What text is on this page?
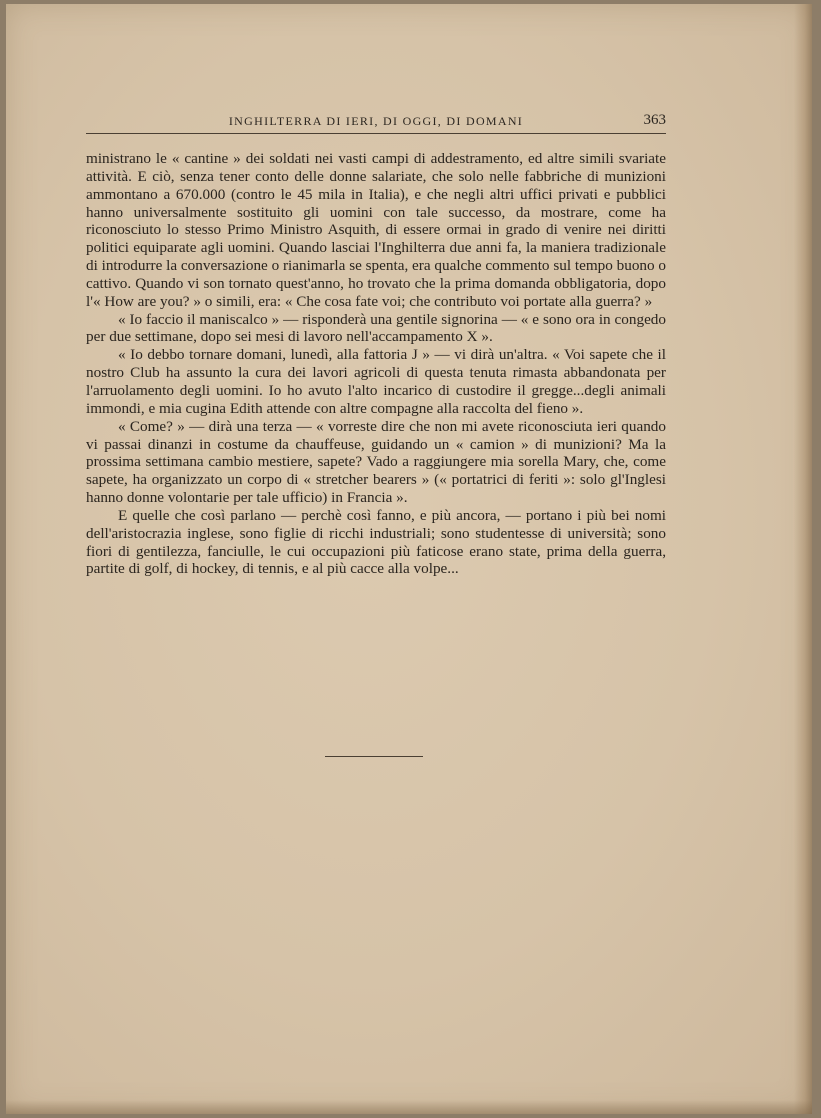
INGHILTERRA DI IERI, DI OGGI, DI DOMANI	363

ministrano le « cantine » dei soldati nei vasti campi di addestramento, ed altre simili svariate attività. E ciò, senza tener conto delle donne salariate, che solo nelle fabbriche di munizioni ammontano a 670.000 (contro le 45 mila in Italia), e che negli altri uffici privati e pubblici hanno universalmente sostituito gli uomini con tale successo, da mostrare, come ha riconosciuto lo stesso Primo Ministro Asquith, di essere ormai in grado di venire nei diritti politici equiparate agli uomini. Quando lasciai l'Inghilterra due anni fa, la maniera tradizionale di introdurre la conversazione o rianimarla se spenta, era qualche commento sul tempo buono o cattivo. Quando vi son tornato quest'anno, ho trovato che la prima domanda obbligatoria, dopo l'« How are you? » o simili, era: « Che cosa fate voi; che contributo voi portate alla guerra? »

« Io faccio il maniscalco » — risponderà una gentile signorina — « e sono ora in congedo per due settimane, dopo sei mesi di lavoro nell'accampamento X ».

« Io debbo tornare domani, lunedì, alla fattoria J » — vi dirà un'altra. « Voi sapete che il nostro Club ha assunto la cura dei lavori agricoli di questa tenuta rimasta abbandonata per l'arruolamento degli uomini. Io ho avuto l'alto incarico di custodire il gregge...degli animali immondi, e mia cugina Edith attende con altre compagne alla raccolta del fieno ».

« Come? » — dirà una terza — « vorreste dire che non mi avete riconosciuta ieri quando vi passai dinanzi in costume da chauffeuse, guidando un « camion » di munizioni? Ma la prossima settimana cambio mestiere, sapete? Vado a raggiungere mia sorella Mary, che, come sapete, ha organizzato un corpo di « stretcher bearers » (« portatrici di feriti »: solo gl'Inglesi hanno donne volontarie per tale ufficio) in Francia ».

E quelle che così parlano — perchè così fanno, e più ancora, — portano i più bei nomi dell'aristocrazia inglese, sono figlie di ricchi industriali; sono studentesse di università; sono fiori di gentilezza, fanciulle, le cui occupazioni più faticose erano state, prima della guerra, partite di golf, di hockey, di tennis, e al più cacce alla volpe...
